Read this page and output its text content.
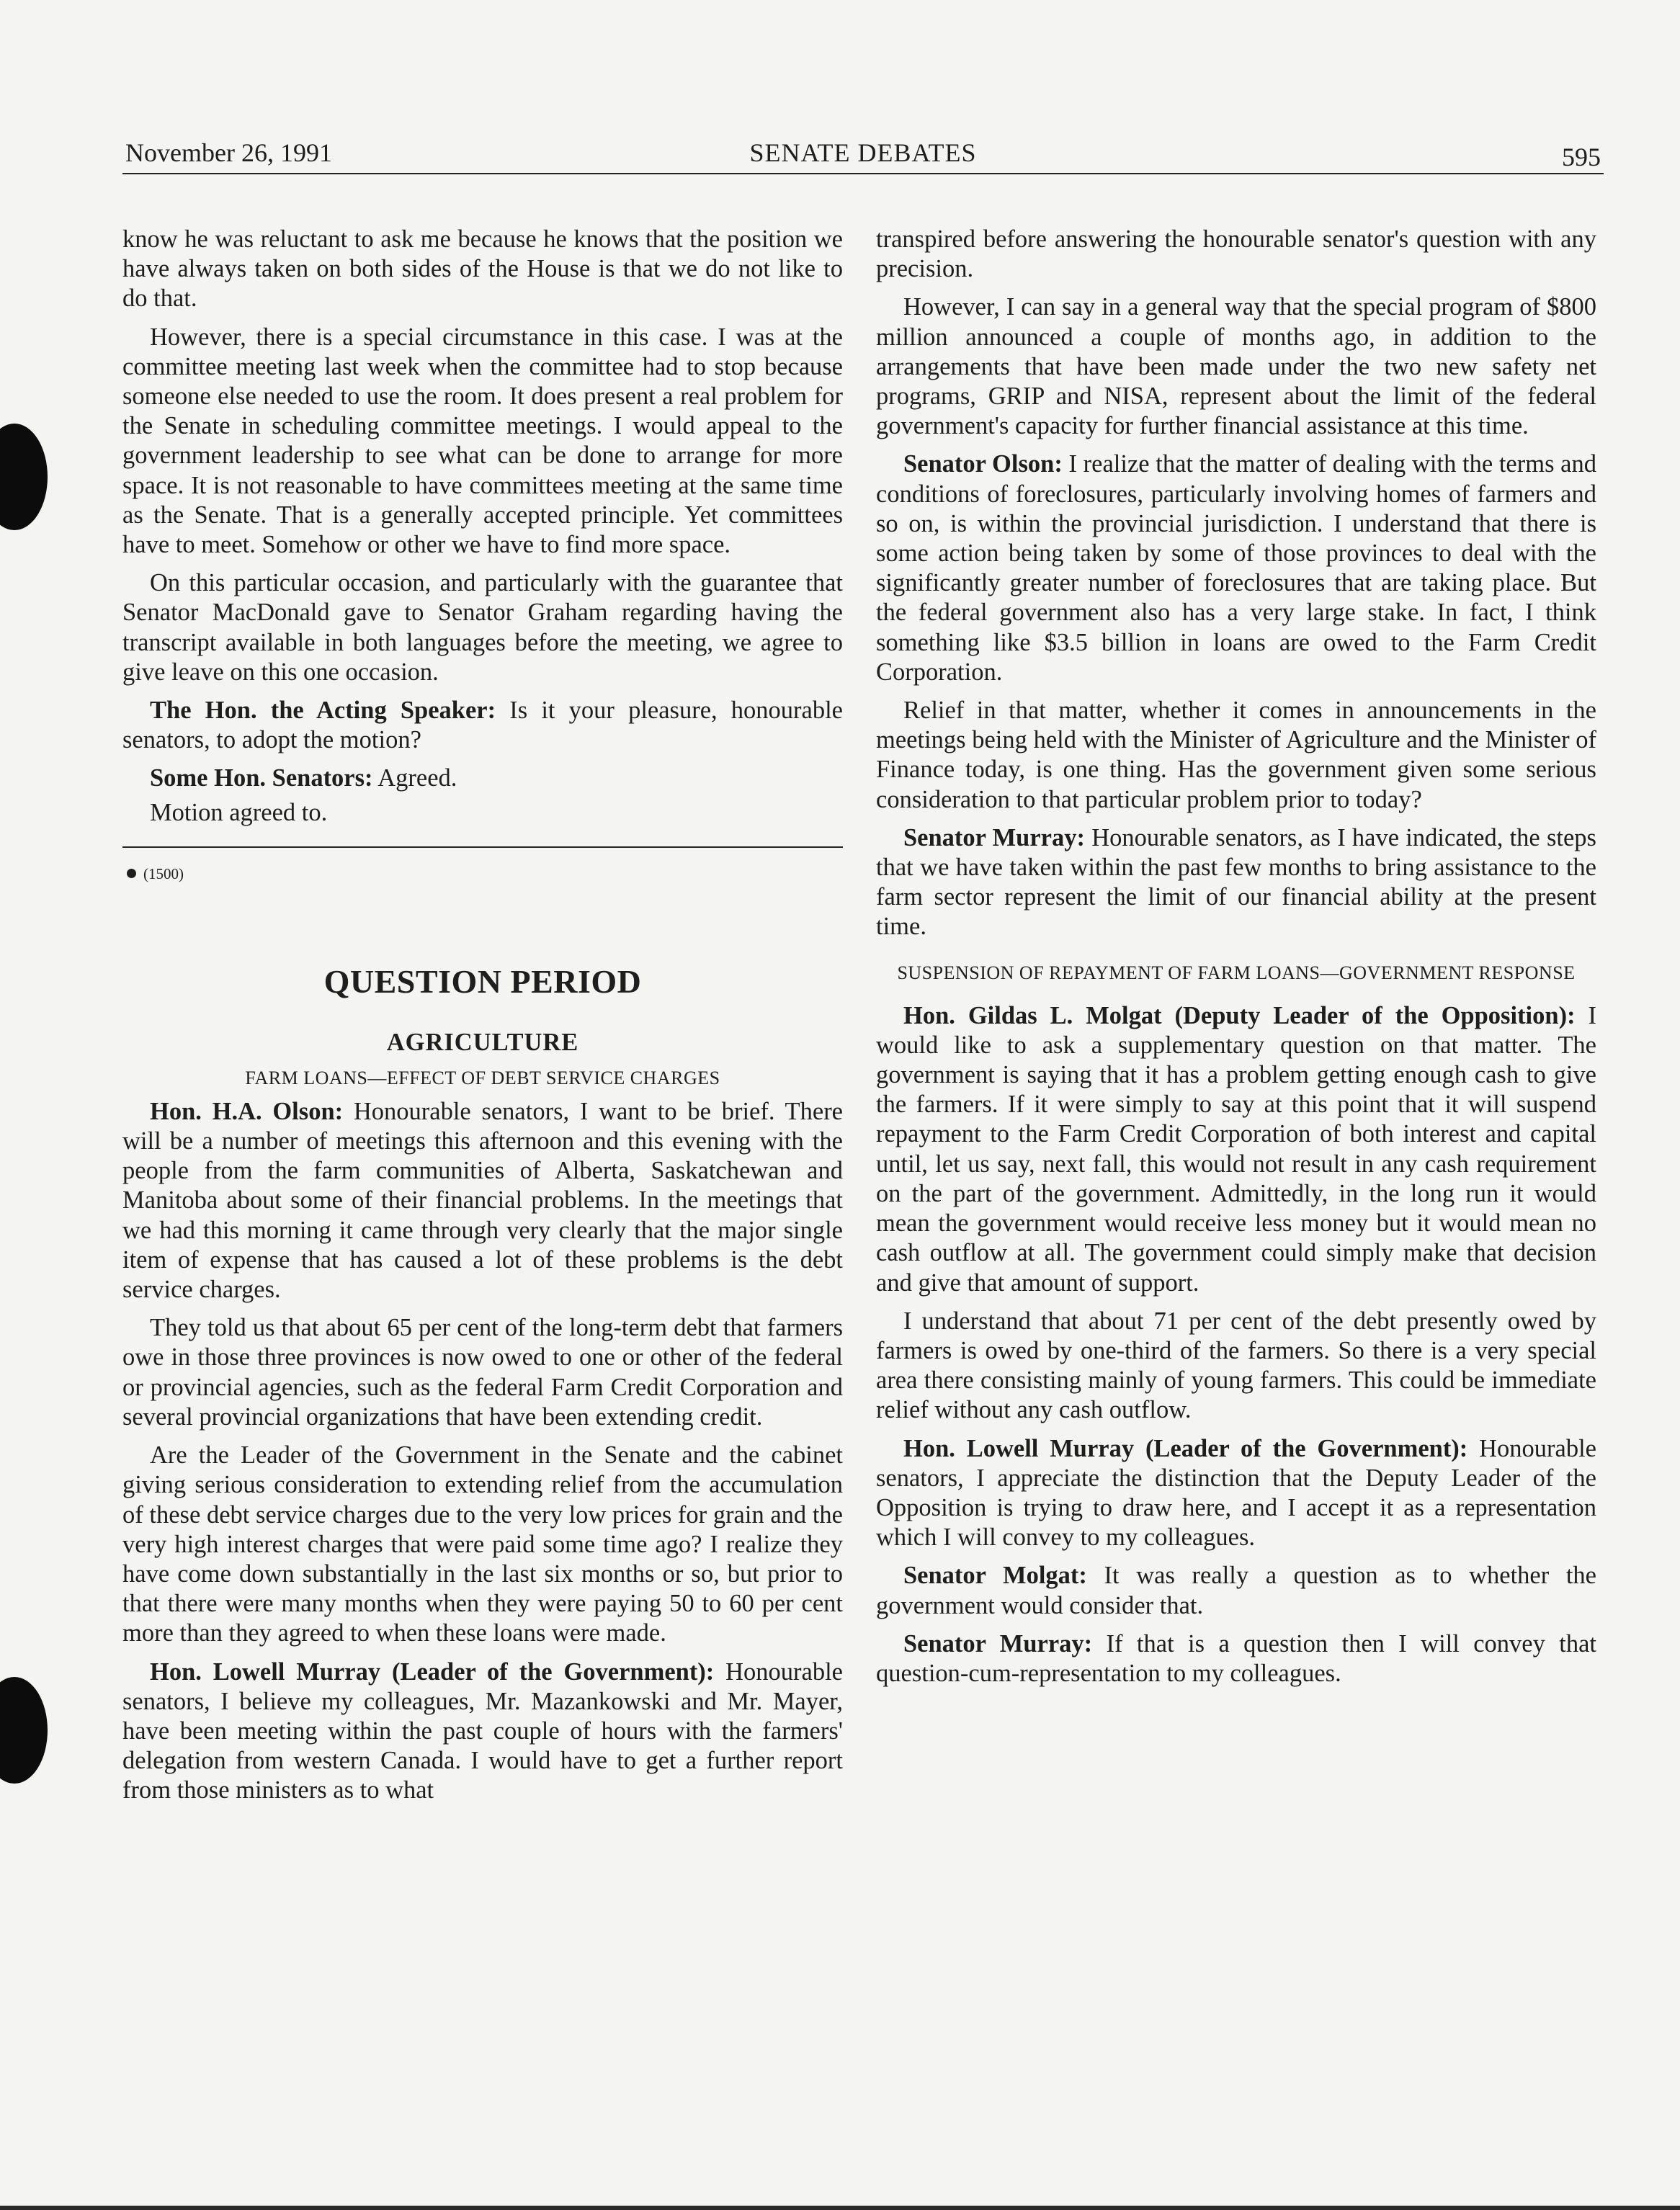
November 26, 1991	SENATE DEBATES	595

know he was reluctant to ask me because he knows that the position we have always taken on both sides of the House is that we do not like to do that.

However, there is a special circumstance in this case. I was at the committee meeting last week when the committee had to stop because someone else needed to use the room. It does present a real problem for the Senate in scheduling committee meetings. I would appeal to the government leadership to see what can be done to arrange for more space. It is not reasonable to have committees meeting at the same time as the Senate. That is a generally accepted principle. Yet committees have to meet. Somehow or other we have to find more space.

On this particular occasion, and particularly with the guarantee that Senator MacDonald gave to Senator Graham regarding having the transcript available in both languages before the meeting, we agree to give leave on this one occasion.

The Hon. the Acting Speaker: Is it your pleasure, honourable senators, to adopt the motion?

Some Hon. Senators: Agreed.

Motion agreed to.

(1500)
QUESTION PERIOD
AGRICULTURE
FARM LOANS—EFFECT OF DEBT SERVICE CHARGES

Hon. H.A. Olson: Honourable senators, I want to be brief. There will be a number of meetings this afternoon and this evening with the people from the farm communities of Alberta, Saskatchewan and Manitoba about some of their financial problems. In the meetings that we had this morning it came through very clearly that the major single item of expense that has caused a lot of these problems is the debt service charges.

They told us that about 65 per cent of the long-term debt that farmers owe in those three provinces is now owed to one or other of the federal or provincial agencies, such as the federal Farm Credit Corporation and several provincial organizations that have been extending credit.

Are the Leader of the Government in the Senate and the cabinet giving serious consideration to extending relief from the accumulation of these debt service charges due to the very low prices for grain and the very high interest charges that were paid some time ago? I realize they have come down substantially in the last six months or so, but prior to that there were many months when they were paying 50 to 60 per cent more than they agreed to when these loans were made.

Hon. Lowell Murray (Leader of the Government): Honourable senators, I believe my colleagues, Mr. Mazankowski and Mr. Mayer, have been meeting within the past couple of hours with the farmers' delegation from western Canada. I would have to get a further report from those ministers as to what

transpired before answering the honourable senator's question with any precision.

However, I can say in a general way that the special program of $800 million announced a couple of months ago, in addition to the arrangements that have been made under the two new safety net programs, GRIP and NISA, represent about the limit of the federal government's capacity for further financial assistance at this time.

Senator Olson: I realize that the matter of dealing with the terms and conditions of foreclosures, particularly involving homes of farmers and so on, is within the provincial jurisdiction. I understand that there is some action being taken by some of those provinces to deal with the significantly greater number of foreclosures that are taking place. But the federal government also has a very large stake. In fact, I think something like $3.5 billion in loans are owed to the Farm Credit Corporation.

Relief in that matter, whether it comes in announcements in the meetings being held with the Minister of Agriculture and the Minister of Finance today, is one thing. Has the government given some serious consideration to that particular problem prior to today?

Senator Murray: Honourable senators, as I have indicated, the steps that we have taken within the past few months to bring assistance to the farm sector represent the limit of our financial ability at the present time.

SUSPENSION OF REPAYMENT OF FARM LOANS—GOVERNMENT RESPONSE

Hon. Gildas L. Molgat (Deputy Leader of the Opposition): I would like to ask a supplementary question on that matter. The government is saying that it has a problem getting enough cash to give the farmers. If it were simply to say at this point that it will suspend repayment to the Farm Credit Corporation of both interest and capital until, let us say, next fall, this would not result in any cash requirement on the part of the government. Admittedly, in the long run it would mean the government would receive less money but it would mean no cash outflow at all. The government could simply make that decision and give that amount of support.

I understand that about 71 per cent of the debt presently owed by farmers is owed by one-third of the farmers. So there is a very special area there consisting mainly of young farmers. This could be immediate relief without any cash outflow.

Hon. Lowell Murray (Leader of the Government): Honourable senators, I appreciate the distinction that the Deputy Leader of the Opposition is trying to draw here, and I accept it as a representation which I will convey to my colleagues.

Senator Molgat: It was really a question as to whether the government would consider that.

Senator Murray: If that is a question then I will convey that question-cum-representation to my colleagues.
